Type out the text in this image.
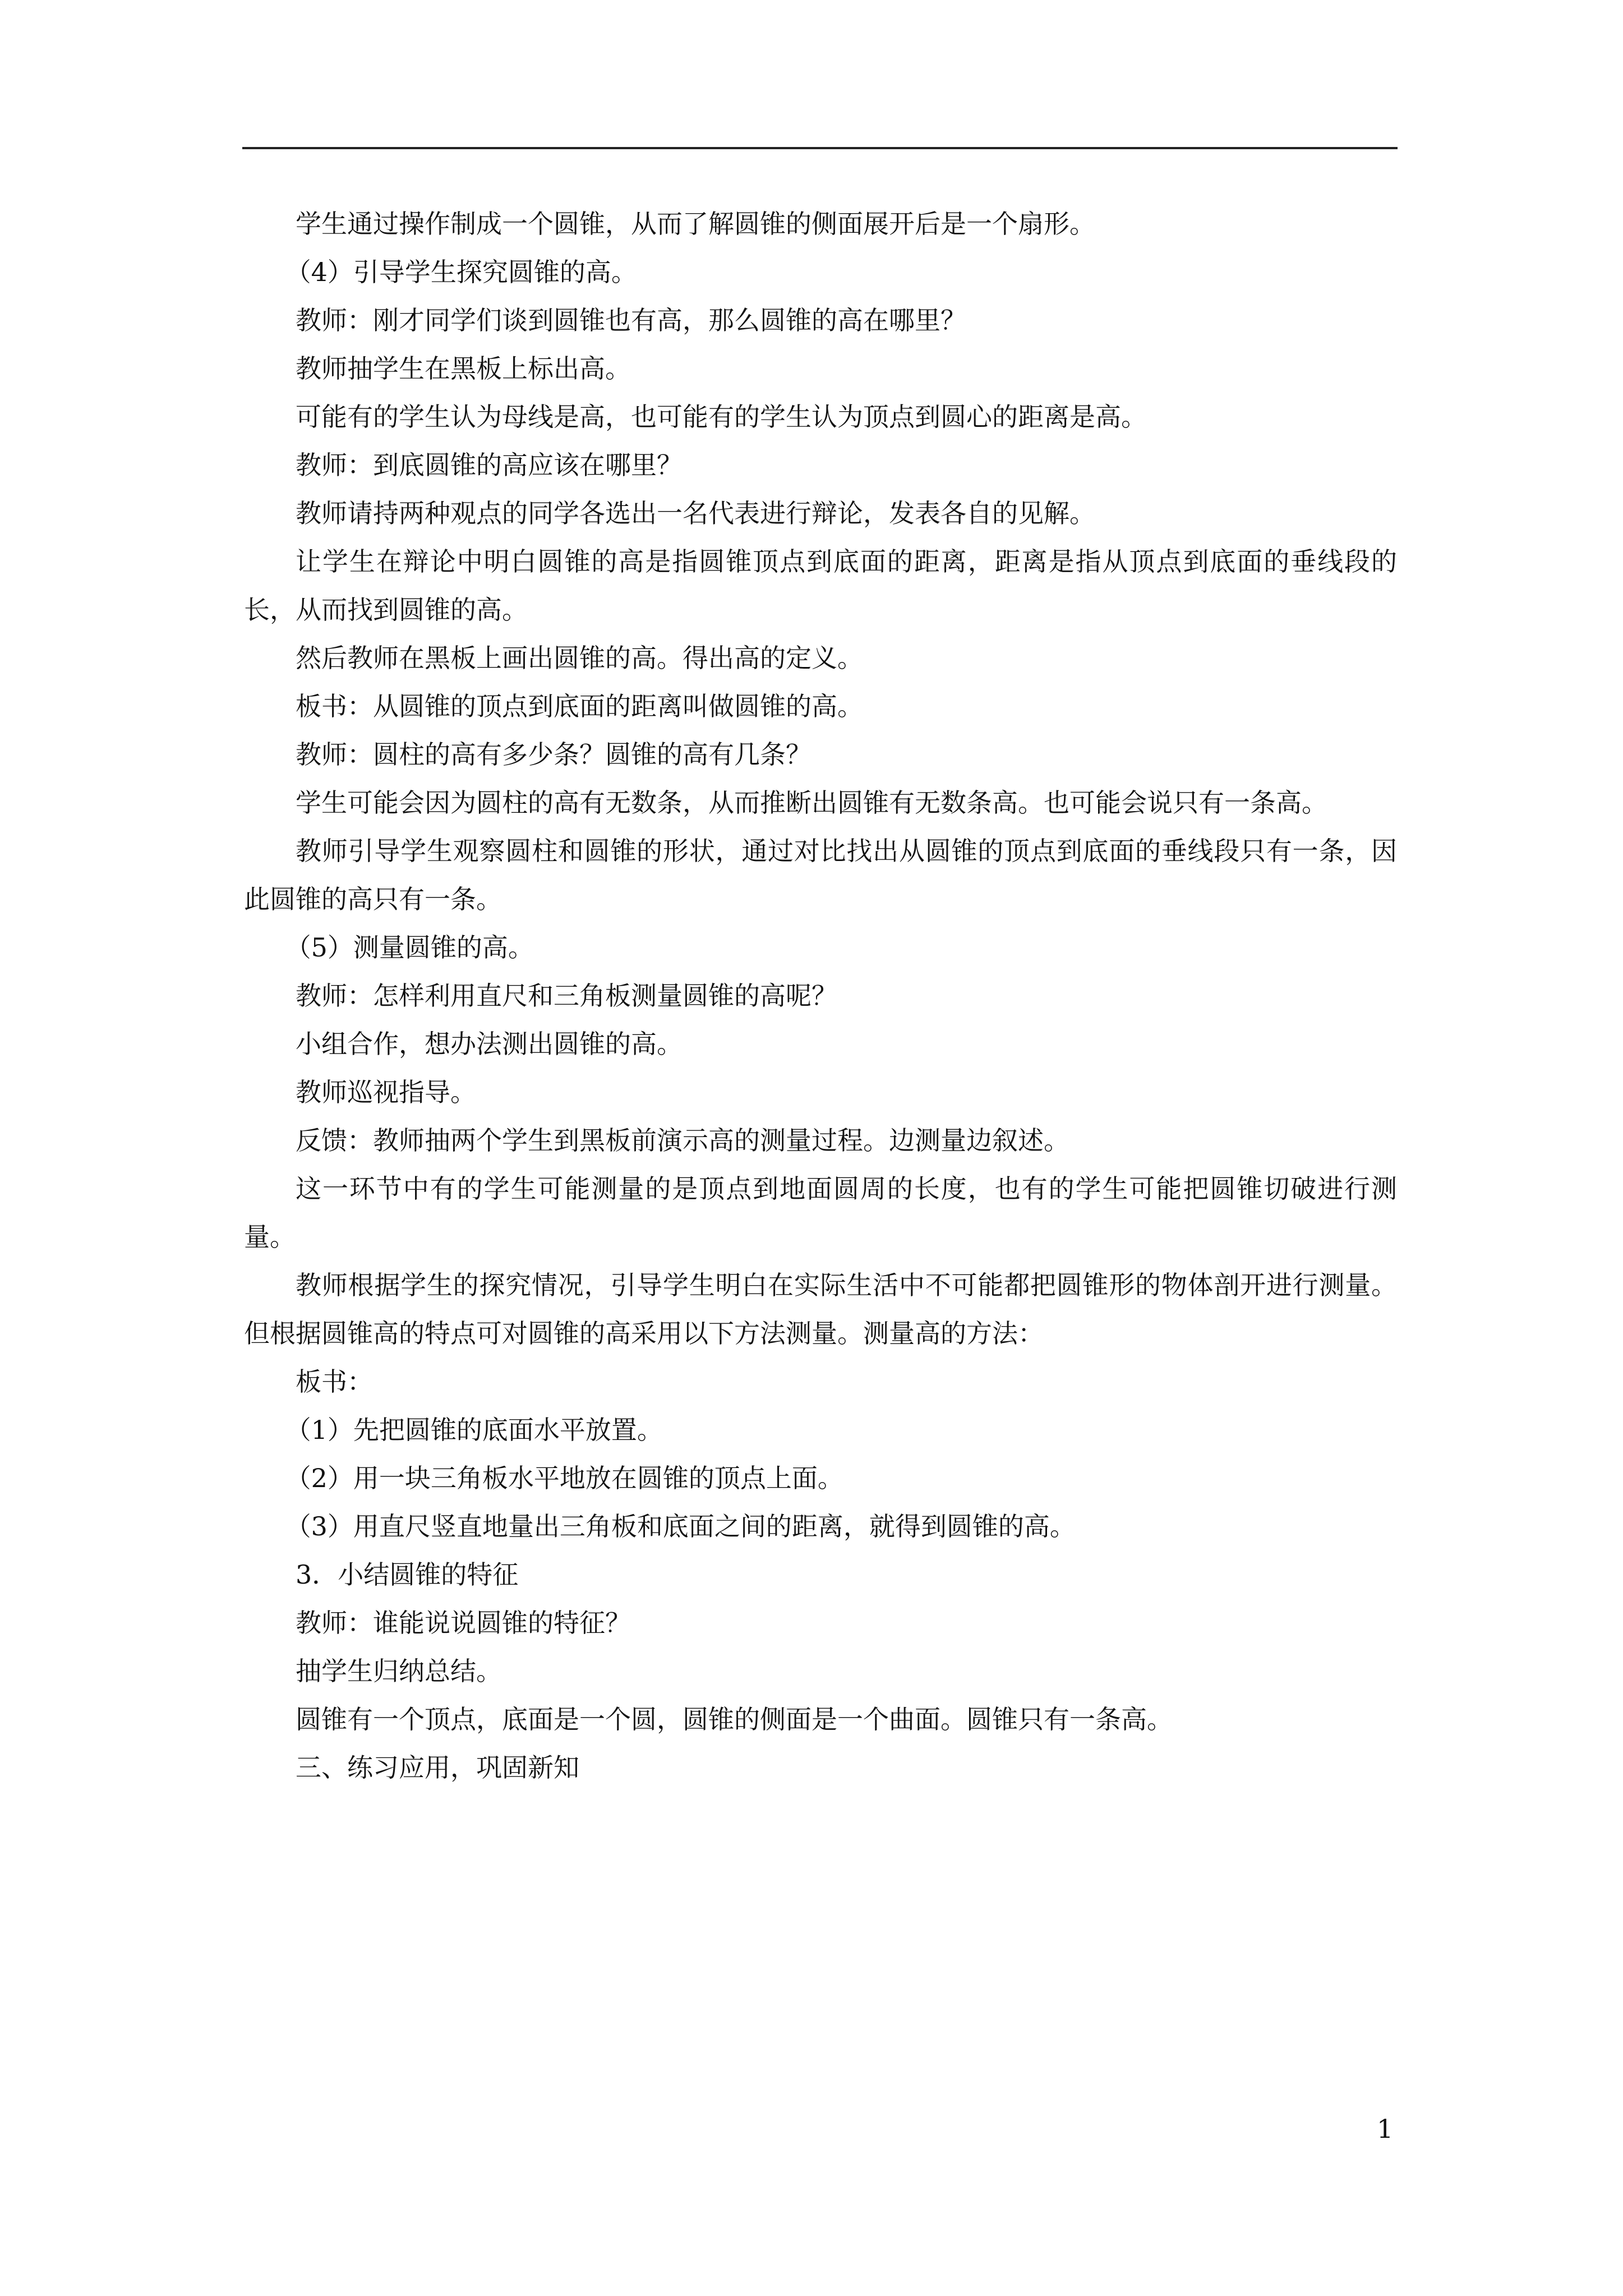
学生通过操作制成一个圆锥，从而了解圆锥的侧面展开后是一个扇形。

（4）引导学生探究圆锥的高。

教师：刚才同学们谈到圆锥也有高，那么圆锥的高在哪里？

教师抽学生在黑板上标出高。

可能有的学生认为母线是高，也可能有的学生认为顶点到圆心的距离是高。

教师：到底圆锥的高应该在哪里？

教师请持两种观点的同学各选出一名代表进行辩论，发表各自的见解。

让学生在辩论中明白圆锥的高是指圆锥顶点到底面的距离，距离是指从顶点到底面的垂线段的长，从而找到圆锥的高。

然后教师在黑板上画出圆锥的高。得出高的定义。

板书：从圆锥的顶点到底面的距离叫做圆锥的高。

教师：圆柱的高有多少条？圆锥的高有几条？

学生可能会因为圆柱的高有无数条，从而推断出圆锥有无数条高。也可能会说只有一条高。

教师引导学生观察圆柱和圆锥的形状，通过对比找出从圆锥的顶点到底面的垂线段只有一条，因此圆锥的高只有一条。

（5）测量圆锥的高。

教师：怎样利用直尺和三角板测量圆锥的高呢？

小组合作，想办法测出圆锥的高。

教师巡视指导。

反馈：教师抽两个学生到黑板前演示高的测量过程。边测量边叙述。

这一环节中有的学生可能测量的是顶点到地面圆周的长度，也有的学生可能把圆锥切破进行测量。

教师根据学生的探究情况，引导学生明白在实际生活中不可能都把圆锥形的物体剖开进行测量。但根据圆锥高的特点可对圆锥的高采用以下方法测量。测量高的方法：

板书：

（1）先把圆锥的底面水平放置。

（2）用一块三角板水平地放在圆锥的顶点上面。

（3）用直尺竖直地量出三角板和底面之间的距离，就得到圆锥的高。

3．小结圆锥的特征

教师：谁能说说圆锥的特征？

抽学生归纳总结。

圆锥有一个顶点，底面是一个圆，圆锥的侧面是一个曲面。圆锥只有一条高。

三、练习应用，巩固新知

1
